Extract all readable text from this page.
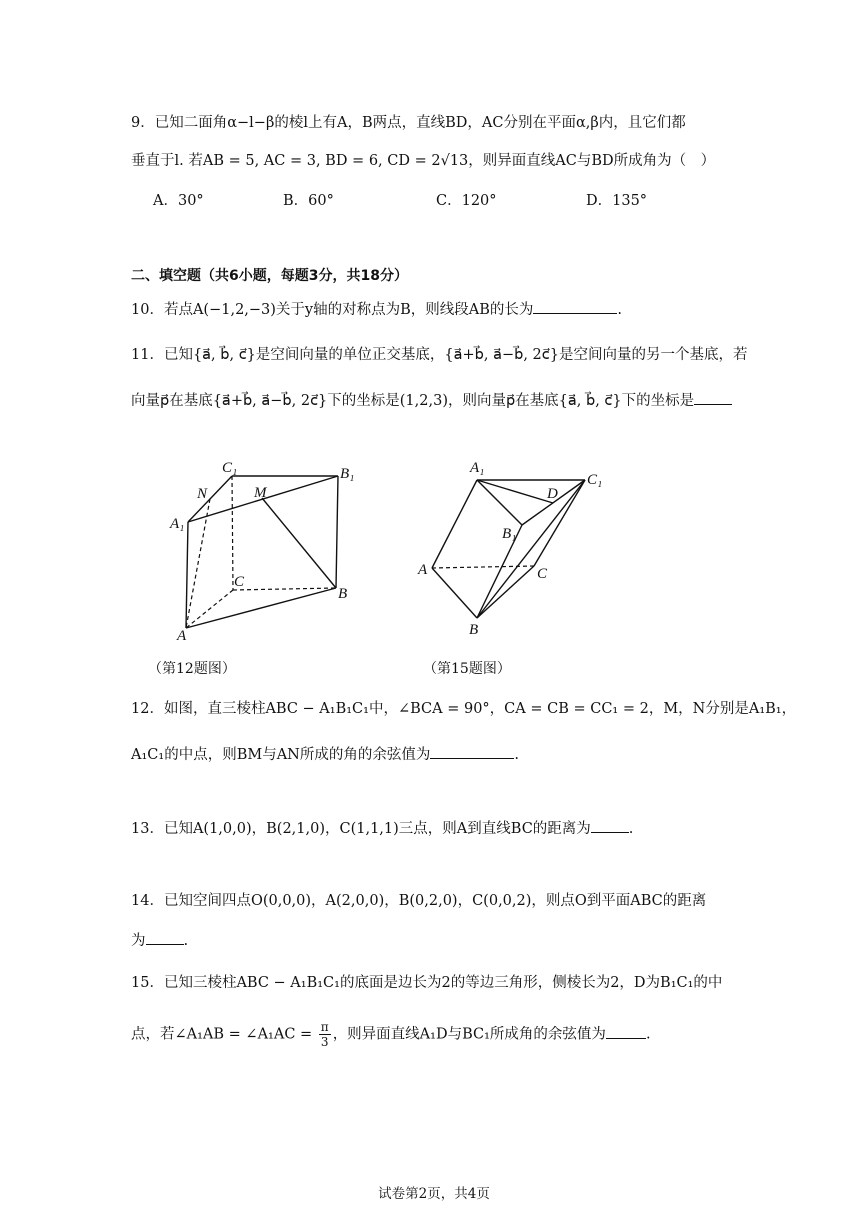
9．已知二面角α−l−β的棱l上有A，B两点，直线BD，AC分别在平面α,β内，且它们都
垂直于l. 若AB = 5, AC = 3, BD = 6, CD = 2√13，则异面直线AC与BD所成角为（　）
A．30°	B．60°	C．120°	D．135°
二、填空题（共6小题，每题3分，共18分）
10．若点A(−1,2,−3)关于y轴的对称点为B，则线段AB的长为	.
11．已知{a⃗, b⃗, c⃗}是空间向量的单位正交基底，{a⃗+b⃗, a⃗−b⃗, 2c⃗}是空间向量的另一个基底，若
向量p⃗在基底{a⃗+b⃗, a⃗−b⃗, 2c⃗}下的坐标是(1,2,3)，则向量p⃗在基底{a⃗, b⃗, c⃗}下的坐标是
C₁	B₁
N	M
A₁
C
B
A
A₁
C₁
D
B₁
A	C
B
（第12题图）	（第15题图）
12．如图，直三棱柱ABC − A₁B₁C₁中，∠BCA = 90°，CA = CB = CC₁ = 2，M，N分别是A₁B₁，
A₁C₁的中点，则BM与AN所成的角的余弦值为	.
13．已知A(1,0,0)，B(2,1,0)，C(1,1,1)三点，则A到直线BC的距离为	.
14．已知空间四点O(0,0,0)，A(2,0,0)，B(0,2,0)，C(0,0,2)，则点O到平面ABC的距离
为	.
15．已知三棱柱ABC − A₁B₁C₁的底面是边长为2的等边三角形，侧棱长为2，D为B₁C₁的中
点，若∠A₁AB = ∠A₁AC = $\frac{\pi}{3}$ ，则异面直线A₁D与BC₁所成角的余弦值为	.
试卷第2页，共4页
